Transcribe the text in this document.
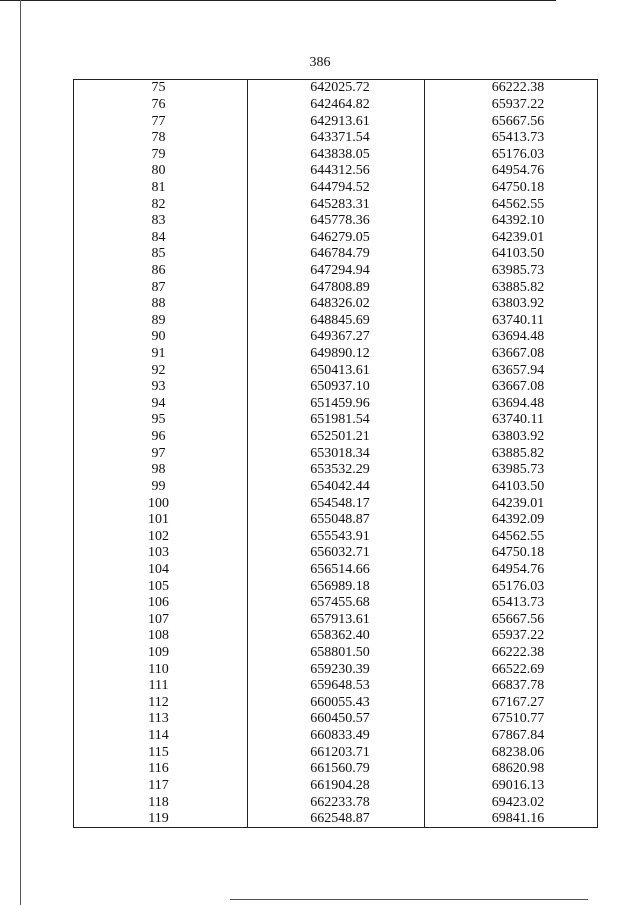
386
75	642025.72	66222.38
76	642464.82	65937.22
77	642913.61	65667.56
78	643371.54	65413.73
79	643838.05	65176.03
80	644312.56	64954.76
81	644794.52	64750.18
82	645283.31	64562.55
83	645778.36	64392.10
84	646279.05	64239.01
85	646784.79	64103.50
86	647294.94	63985.73
87	647808.89	63885.82
88	648326.02	63803.92
89	648845.69	63740.11
90	649367.27	63694.48
91	649890.12	63667.08
92	650413.61	63657.94
93	650937.10	63667.08
94	651459.96	63694.48
95	651981.54	63740.11
96	652501.21	63803.92
97	653018.34	63885.82
98	653532.29	63985.73
99	654042.44	64103.50
100	654548.17	64239.01
101	655048.87	64392.09
102	655543.91	64562.55
103	656032.71	64750.18
104	656514.66	64954.76
105	656989.18	65176.03
106	657455.68	65413.73
107	657913.61	65667.56
108	658362.40	65937.22
109	658801.50	66222.38
110	659230.39	66522.69
111	659648.53	66837.78
112	660055.43	67167.27
113	660450.57	67510.77
114	660833.49	67867.84
115	661203.71	68238.06
116	661560.79	68620.98
117	661904.28	69016.13
118	662233.78	69423.02
119	662548.87	69841.16
